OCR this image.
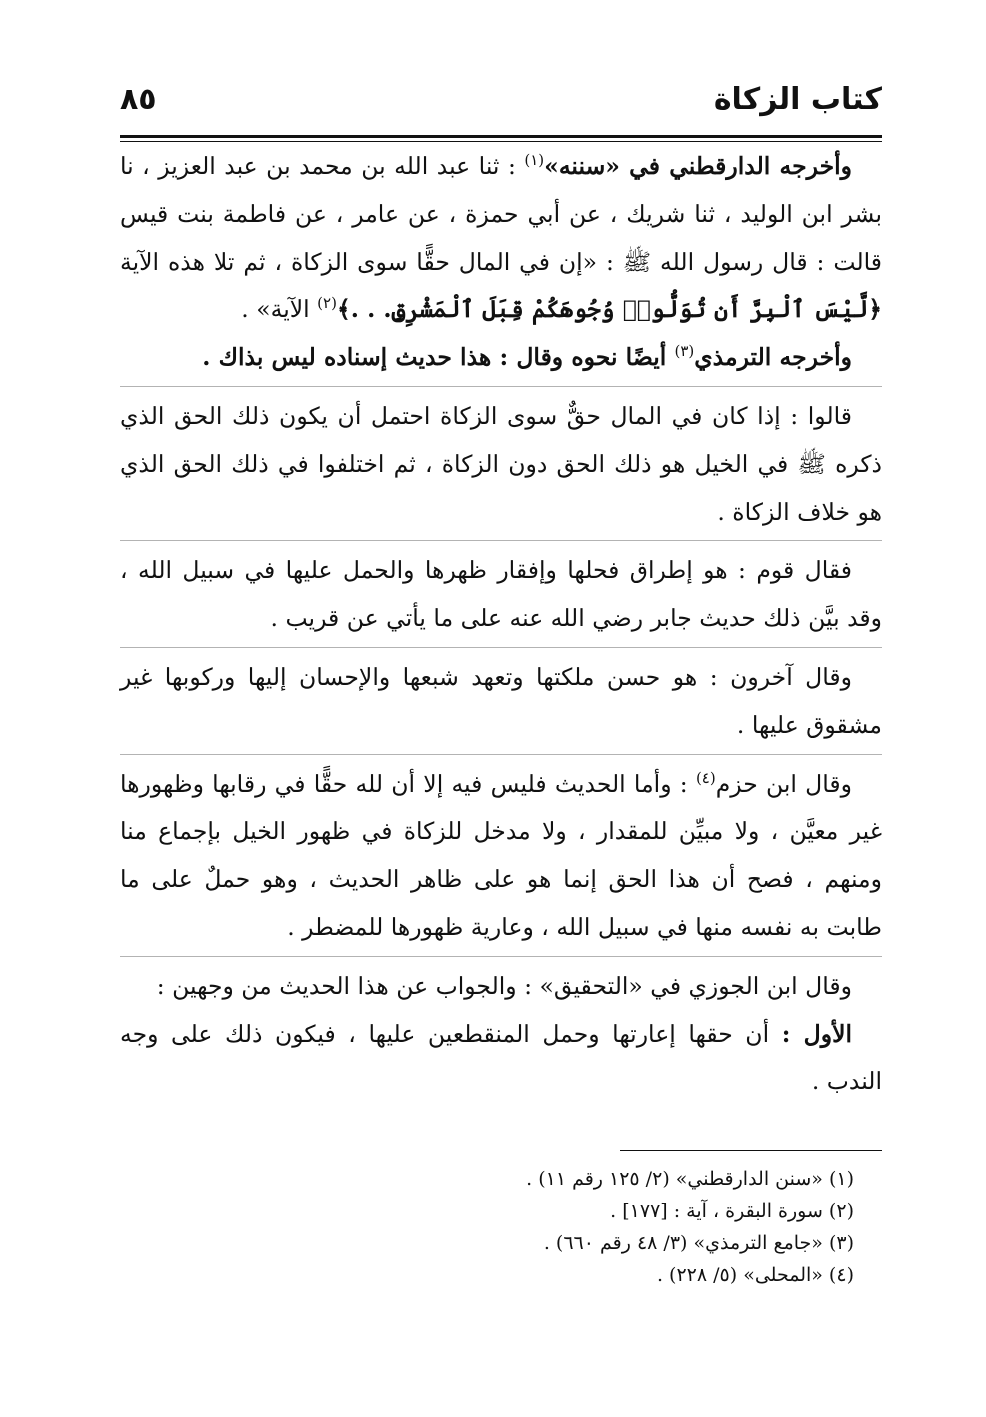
كتاب الزكاة
٨٥

وأخرجه الدارقطني في «سننه»$^{(١)}$ : ثنا عبد الله بن محمد بن عبد العزيز ، نا بشر ابن الوليد ، ثنا شريك ، عن أبي حمزة ، عن عامر ، عن فاطمة بنت قيس قالت : قال رسول الله ﷺ : «إن في المال حقًّا سوى الزكاة ، ثم تلا هذه الآية ﴿لَّيْسَ ٱلْبِرَّ أَن تُوَلُّوا۟ وُجُوهَكُمْ قِبَلَ ٱلْمَشْرِقِ. . .﴾$^{(٢)}$ الآية» .

وأخرجه الترمذي$^{(٣)}$ أيضًا نحوه وقال : هذا حديث إسناده ليس بذاك .

قالوا : إذا كان في المال حقٌّ سوى الزكاة احتمل أن يكون ذلك الحق الذي ذكره ﷺ في الخيل هو ذلك الحق دون الزكاة ، ثم اختلفوا في ذلك الحق الذي هو خلاف الزكاة .

فقال قوم : هو إطراق فحلها وإفقار ظهرها والحمل عليها في سبيل الله ، وقد بيَّن ذلك حديث جابر رضي الله عنه على ما يأتي عن قريب .

وقال آخرون : هو حسن ملكتها وتعهد شبعها والإحسان إليها وركوبها غير مشقوق عليها .

وقال ابن حزم$^{(٤)}$ : وأما الحديث فليس فيه إلا أن لله حقًّا في رقابها وظهورها غير معيَّن ، ولا مبيِّن للمقدار ، ولا مدخل للزكاة في ظهور الخيل بإجماع منا ومنهم ، فصح أن هذا الحق إنما هو على ظاهر الحديث ، وهو حملٌ على ما طابت به نفسه منها في سبيل الله ، وعارية ظهورها للمضطر .

وقال ابن الجوزي في «التحقيق» : والجواب عن هذا الحديث من وجهين :

الأول : أن حقها إعارتها وحمل المنقطعين عليها ، فيكون ذلك على وجه الندب .

(١) «سنن الدارقطني» (٢/ ١٢٥ رقم ١١) .

(٢) سورة البقرة ، آية : [١٧٧] .

(٣) «جامع الترمذي» (٣/ ٤٨ رقم ٦٦٠) .

(٤) «المحلى» (٥/ ٢٢٨) .
